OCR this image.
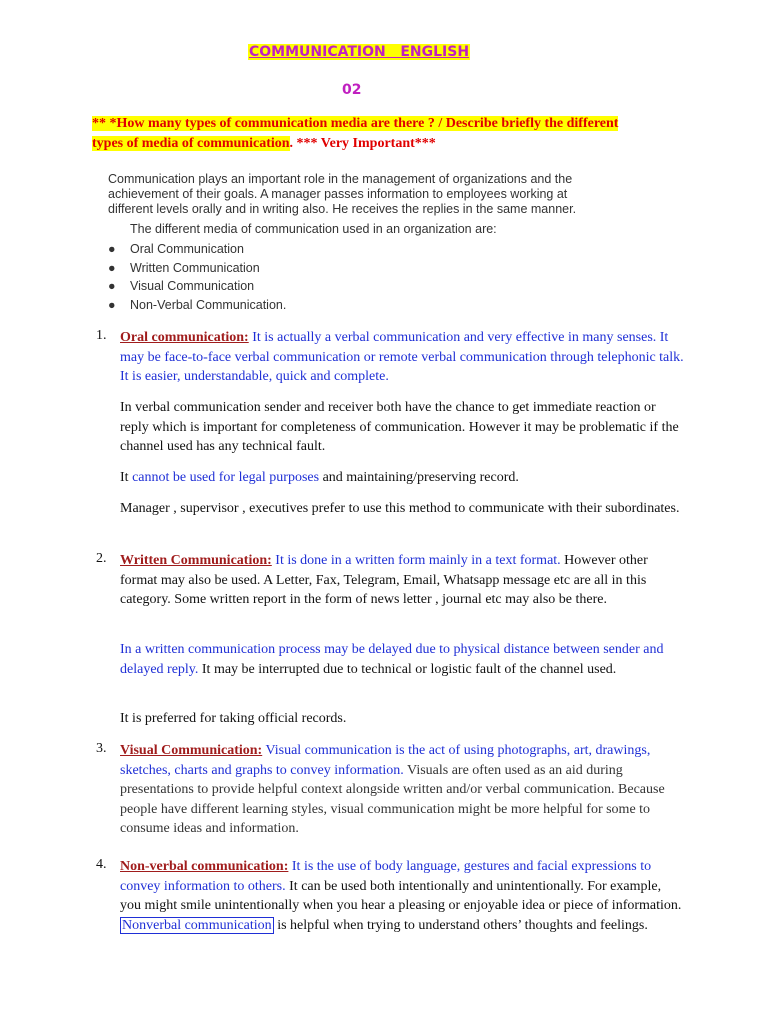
COMMUNICATION   ENGLISH
02
** *How many types of communication media are there ? / Describe briefly the different types of media of communication. *** Very Important***
Communication plays an important role in the management of organizations and the achievement of their goals. A manager passes information to employees working at different levels orally and in writing also. He receives the replies in the same manner.
The different media of communication used in an organization are:
● Oral Communication
● Written Communication
● Visual Communication
● Non-Verbal Communication.
1. Oral communication: It is actually a verbal communication and very effective in many senses. It may be face-to-face verbal communication or remote verbal communication through telephonic talk. It is easier, understandable, quick and complete.
In verbal communication sender and receiver both have the chance to get immediate reaction or reply which is important for completeness of communication. However it may be problematic if the channel used has any technical fault.
It cannot be used for legal purposes and maintaining/preserving record.
Manager , supervisor , executives prefer to use this method to communicate with their subordinates.
2. Written Communication: It is done in a written form mainly in a text format. However other format may also be used. A Letter, Fax, Telegram, Email, Whatsapp message etc are all in this category. Some written report in the form of news letter , journal etc may also be there.
In a written communication process may be delayed due to physical distance between sender and delayed reply. It may be interrupted due to technical or logistic fault of the channel used.
It is preferred for taking official records.
3. Visual Communication: Visual communication is the act of using photographs, art, drawings, sketches, charts and graphs to convey information. Visuals are often used as an aid during presentations to provide helpful context alongside written and/or verbal communication. Because people have different learning styles, visual communication might be more helpful for some to consume ideas and information.
4. Non-verbal communication: It is the use of body language, gestures and facial expressions to convey information to others. It can be used both intentionally and unintentionally. For example, you might smile unintentionally when you hear a pleasing or enjoyable idea or piece of information. Nonverbal communication is helpful when trying to understand others’ thoughts and feelings.
